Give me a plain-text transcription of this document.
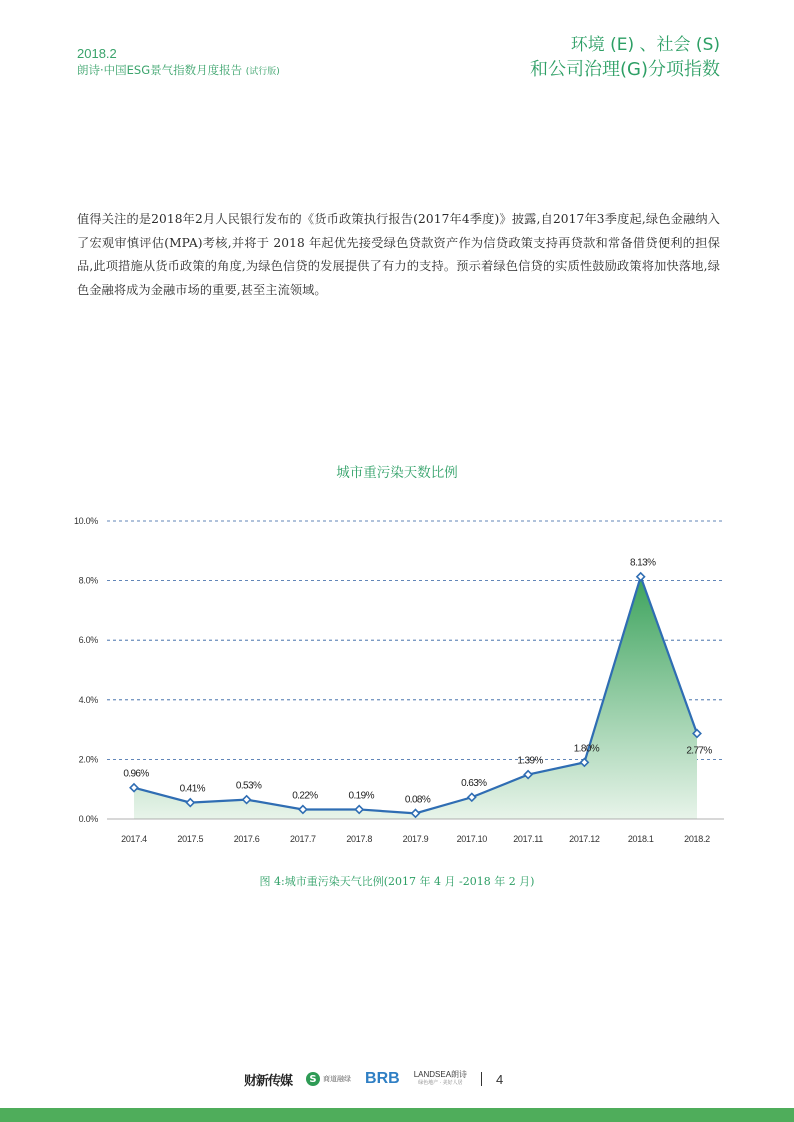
2018.2
朗诗·中国ESG景气指数月度报告 (试行版)
环境 (E) 、社会 (S)
和公司治理(G)分项指数
值得关注的是2018年2月人民银行发布的《货币政策执行报告(2017年4季度)》披露,自2017年3季度起,绿色金融纳入了宏观审慎评估(MPA)考核,并将于 2018 年起优先接受绿色贷款资产作为信贷政策支持再贷款和常备借贷便利的担保品,此项措施从货币政策的角度,为绿色信贷的发展提供了有力的支持。预示着绿色信贷的实质性鼓励政策将加快落地,绿色金融将成为金融市场的重要,甚至主流领域。
城市重污染天数比例
0.96%
0.41%	0.53%
0.22%	0.19%	0.08%
0.63%
1.39%
1.80%
8.13%
2.77%
0.0%
2.0%
4.0%
6.0%
8.0%
10.0%
2017.4	2017.5	2017.6	2017.7	2017.8	2017.9	2017.10	2017.11	2017.12	2018.1	2018.2
图 4:城市重污染天气比例(2017 年 4 月 -2018 年 2 月)
财新传媒	S 商道融绿 BRB LANDSEA朗诗
绿色地产 · 美好人居	4
